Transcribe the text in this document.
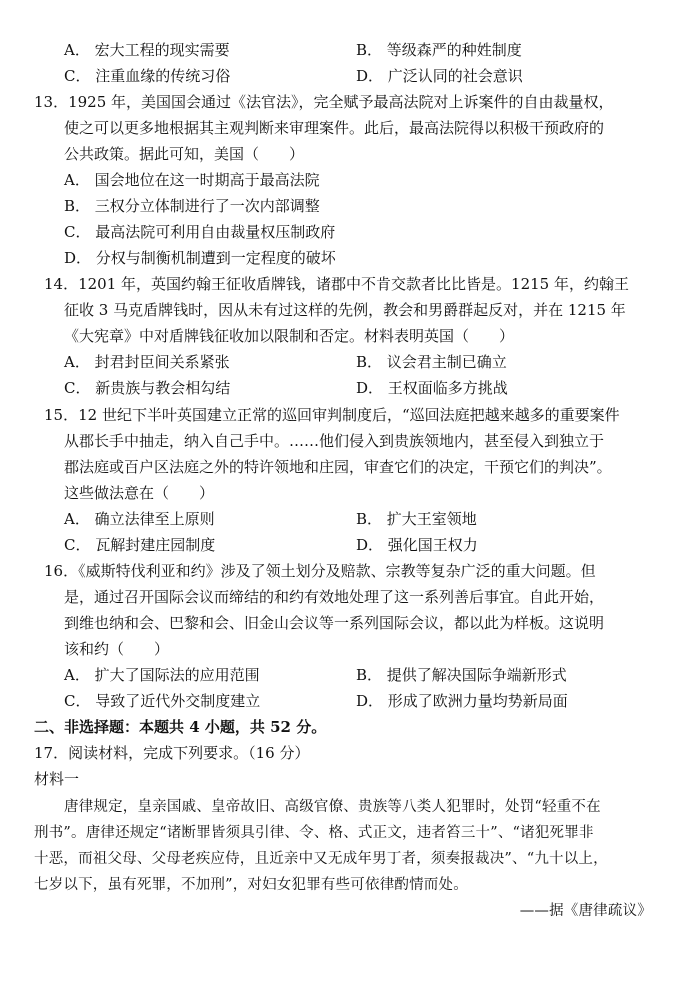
A． 宏大工程的现实需要	B． 等级森严的种姓制度
C． 注重血缘的传统习俗	D． 广泛认同的社会意识
13．1925 年，美国国会通过《法官法》，完全赋予最高法院对上诉案件的自由裁量权，
使之可以更多地根据其主观判断来审理案件。此后，最高法院得以积极干预政府的
公共政策。据此可知，美国（　　）
A． 国会地位在这一时期高于最高法院
B． 三权分立体制进行了一次内部调整
C． 最高法院可利用自由裁量权压制政府
D． 分权与制衡机制遭到一定程度的破坏
14．1201 年，英国约翰王征收盾牌钱，诸郡中不肯交款者比比皆是。1215 年，约翰王
征收 3 马克盾牌钱时，因从未有过这样的先例，教会和男爵群起反对，并在 1215 年
《大宪章》中对盾牌钱征收加以限制和否定。材料表明英国（　　）
A． 封君封臣间关系紧张	B． 议会君主制已确立
C． 新贵族与教会相勾结	D． 王权面临多方挑战
15．12 世纪下半叶英国建立正常的巡回审判制度后，“巡回法庭把越来越多的重要案件
从郡长手中抽走，纳入自己手中。……他们侵入到贵族领地内，甚至侵入到独立于
郡法庭或百户区法庭之外的特许领地和庄园，审查它们的决定，干预它们的判决”。
这些做法意在（　　）
A． 确立法律至上原则	B． 扩大王室领地
C． 瓦解封建庄园制度	D． 强化国王权力
16．《威斯特伐利亚和约》涉及了领土划分及赔款、宗教等复杂广泛的重大问题。但
是，通过召开国际会议而缔结的和约有效地处理了这一系列善后事宜。自此开始，
到维也纳和会、巴黎和会、旧金山会议等一系列国际会议，都以此为样板。这说明
该和约（　　）
A． 扩大了国际法的应用范围	B． 提供了解决国际争端新形式
C． 导致了近代外交制度建立	D． 形成了欧洲力量均势新局面
二、非选择题：本题共 4 小题，共 52 分。
17．阅读材料，完成下列要求。（16 分）
材料一
唐律规定，皇亲国戚、皇帝故旧、高级官僚、贵族等八类人犯罪时，处罚“轻重不在
刑书”。唐律还规定“诸断罪皆须具引律、令、格、式正文，违者笞三十”、“诸犯死罪非
十恶，而祖父母、父母老疾应侍，且近亲中又无成年男丁者，须奏报裁决”、“九十以上，
七岁以下，虽有死罪，不加刑”，对妇女犯罪有些可依律酌情而处。
——据《唐律疏议》
